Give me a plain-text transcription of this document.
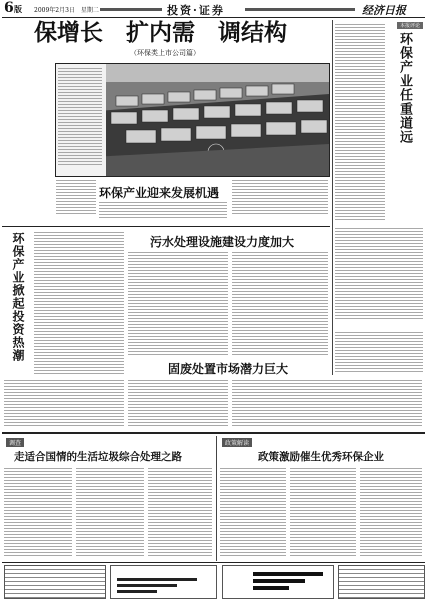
6 版 2009年2月3日　星期二	投资·证券	经济日报
保增长　扩内需　调结构
（环保类上市公司篇）
环保产业迎来发展机遇
本报评论
环保产业任重道远
环保产业掀起投资热潮	污水处理设施建设力度加大
固废处置市场潜力巨大
调查
走适合国情的生活垃圾综合处理之路
政策解读
政策激励催生优秀环保企业
